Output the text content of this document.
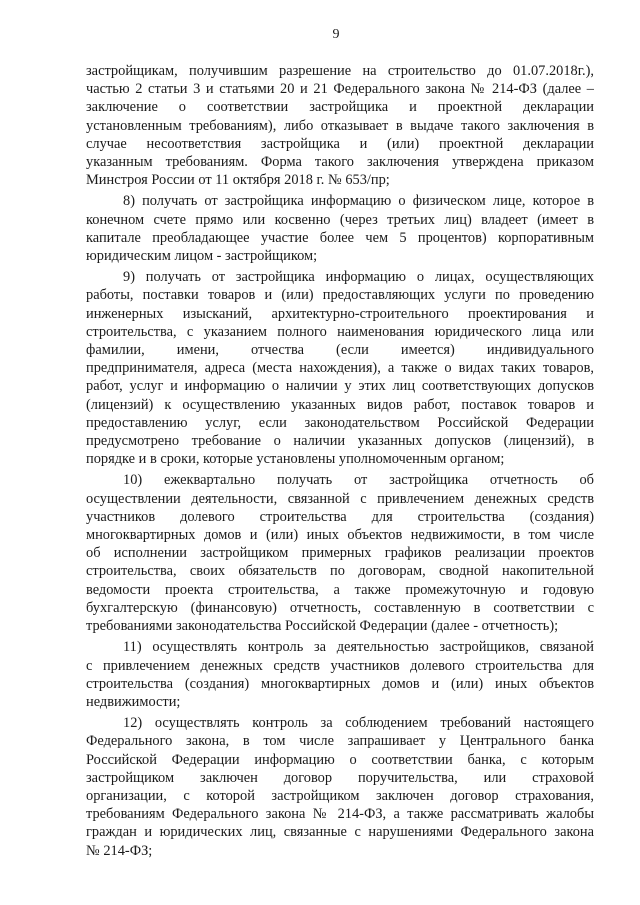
9
застройщикам, получившим разрешение на строительство до 01.07.2018г.),
частью 2 статьи 3 и статьями 20 и 21 Федерального закона № 214-ФЗ (далее –
заключение о соответствии застройщика и проектной декларации
установленным требованиям), либо отказывает в выдаче такого заключения в
случае несоответствия застройщика и (или) проектной декларации
указанным требованиям. Форма такого заключения утверждена приказом
Минстроя России от 11 октября 2018 г. № 653/пр;
8) получать от застройщика информацию о физическом лице, которое в
конечном счете прямо или косвенно (через третьих лиц) владеет (имеет в
капитале преобладающее участие более чем 5 процентов) корпоративным
юридическим лицом - застройщиком;
9) получать от застройщика информацию о лицах, осуществляющих
работы, поставки товаров и (или) предоставляющих услуги по проведению
инженерных изысканий, архитектурно-строительного проектирования и
строительства, с указанием полного наименования юридического лица или
фамилии, имени, отчества (если имеется) индивидуального
предпринимателя, адреса (места нахождения), а также о видах таких товаров,
работ, услуг и информацию о наличии у этих лиц соответствующих допусков
(лицензий) к осуществлению указанных видов работ, поставок товаров и
предоставлению услуг, если законодательством Российской Федерации
предусмотрено требование о наличии указанных допусков (лицензий), в
порядке и в сроки, которые установлены уполномоченным органом;
10) ежеквартально получать от застройщика отчетность об
осуществлении деятельности, связанной с привлечением денежных средств
участников долевого строительства для строительства (создания)
многоквартирных домов и (или) иных объектов недвижимости, в том числе
об исполнении застройщиком примерных графиков реализации проектов
строительства, своих обязательств по договорам, сводной накопительной
ведомости проекта строительства, а также промежуточную и годовую
бухгалтерскую (финансовую) отчетность, составленную в соответствии с
требованиями законодательства Российской Федерации (далее - отчетность);
11) осуществлять контроль за деятельностью застройщиков, связаной
с привлечением денежных средств участников долевого строительства для
строительства (создания) многоквартирных домов и (или) иных объектов
недвижимости;
12) осуществлять контроль за соблюдением требований настоящего
Федерального закона, в том числе запрашивает у Центрального банка
Российской Федерации информацию о соответствии банка, с которым
застройщиком заключен договор поручительства, или страховой
организации, с которой застройщиком заключен договор страхования,
требованиям Федерального закона № 214-ФЗ, а также рассматривать жалобы
граждан и юридических лиц, связанные с нарушениями Федерального закона
№ 214-ФЗ;
